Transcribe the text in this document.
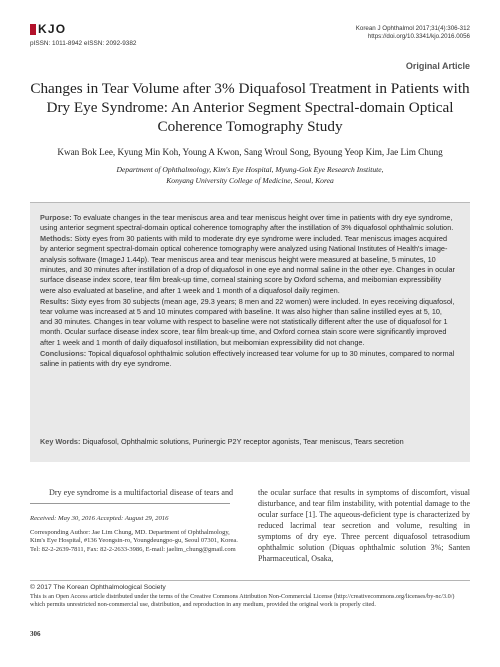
KJO
pISSN: 1011-8942 eISSN: 2092-9382
Korean J Ophthalmol 2017;31(4):306-312
https://doi.org/10.3341/kjo.2016.0056
Original Article
Changes in Tear Volume after 3% Diquafosol Treatment in Patients with Dry Eye Syndrome: An Anterior Segment Spectral-domain Optical Coherence Tomography Study
Kwan Bok Lee, Kyung Min Koh, Young A Kwon, Sang Wroul Song, Byoung Yeop Kim, Jae Lim Chung
Department of Ophthalmology, Kim's Eye Hospital, Myung-Gok Eye Research Institute,
Konyang University College of Medicine, Seoul, Korea

Purpose: To evaluate changes in the tear meniscus area and tear meniscus height over time in patients with dry eye syndrome, using anterior segment spectral-domain optical coherence tomography after the instillation of 3% diquafosol ophthalmic solution.

Methods: Sixty eyes from 30 patients with mild to moderate dry eye syndrome were included. Tear meniscus images acquired by anterior segment spectral-domain optical coherence tomography were analyzed using National Institutes of Health's image-analysis software (ImageJ 1.44p). Tear meniscus area and tear meniscus height were measured at baseline, 5 minutes, 10 minutes, and 30 minutes after instillation of a drop of diquafosol in one eye and normal saline in the other eye. Changes in ocular surface disease index score, tear film break-up time, corneal staining score by Oxford schema, and meibomian expressibility were also evaluated at baseline, and after 1 week and 1 month of a diquafosol daily regimen.

Results: Sixty eyes from 30 subjects (mean age, 29.3 years; 8 men and 22 women) were included. In eyes receiving diquafosol, tear volume was increased at 5 and 10 minutes compared with baseline. It was also higher than saline instilled eyes at 5, 10, and 30 minutes. Changes in tear volume with respect to baseline were not statistically different after the use of diquafosol for 1 month. Ocular surface disease index score, tear film break-up time, and Oxford cornea stain score were significantly improved after 1 week and 1 month of daily diquafosol instillation, but meibomian expressibility did not change.

Conclusions: Topical diquafosol ophthalmic solution effectively increased tear volume for up to 30 minutes, compared to normal saline in patients with dry eye syndrome.

Key Words: Diquafosol, Ophthalmic solutions, Purinergic P2Y receptor agonists, Tear meniscus, Tears secretion
Dry eye syndrome is a multifactorial disease of tears and
Received: May 30, 2016 Accepted: August 29, 2016
Corresponding Author: Jae Lim Chung, MD. Department of Ophthalmology, Kim's Eye Hospital, #136 Yeongsin-ro, Youngdeungpo-gu, Seoul 07301, Korea. Tel: 82-2-2639-7811, Fax: 82-2-2633-3986, E-mail: jaelim_chung@gmail.com
the ocular surface that results in symptoms of discomfort, visual disturbance, and tear film instability, with potential damage to the ocular surface [1]. The aqueous-deficient type is characterized by reduced lacrimal tear secretion and volume, resulting in symptoms of dry eye. Three percent diquafosol tetrasodium ophthalmic solution (Diquas ophthalmic solution 3%; Santen Pharmaceutical, Osaka,
© 2017 The Korean Ophthalmological Society
This is an Open Access article distributed under the terms of the Creative Commons Attribution Non-Commercial License (http://creativecommons.org/licenses/by-nc/3.0/) which permits unrestricted non-commercial use, distribution, and reproduction in any medium, provided the original work is properly cited.
306
